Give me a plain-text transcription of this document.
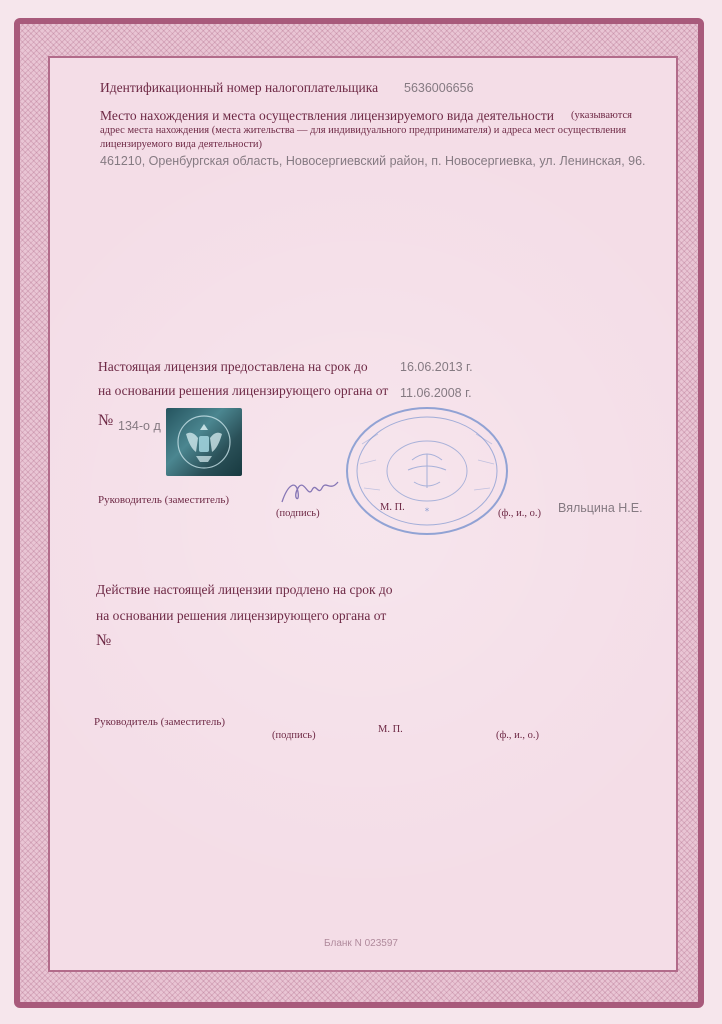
Идентификационный номер налогоплательщика 5636006656
Место нахождения и места осуществления лицензируемого вида деятельности (указываются
адрес места нахождения (места жительства — для индивидуального предпринимателя) и адреса мест осуществления лицензируемого вида деятельности)
461210, Оренбургская область, Новосергиевский район, п. Новосергиевка, ул. Ленинская, 96.
Настоящая лицензия предоставлена на срок до	16.06.2013 г.
на основании решения лицензирующего органа от 11.06.2008 г.
№ 134-о д
*
Руководитель (заместитель)
(подпись)
М. П.
(ф., и., о.) Вяльцина Н.Е.
Действие настоящей лицензии продлено на срок до
на основании решения лицензирующего органа от
№
Руководитель (заместитель)
(подпись)
М. П.
(ф., и., о.)
Бланк N 023597
